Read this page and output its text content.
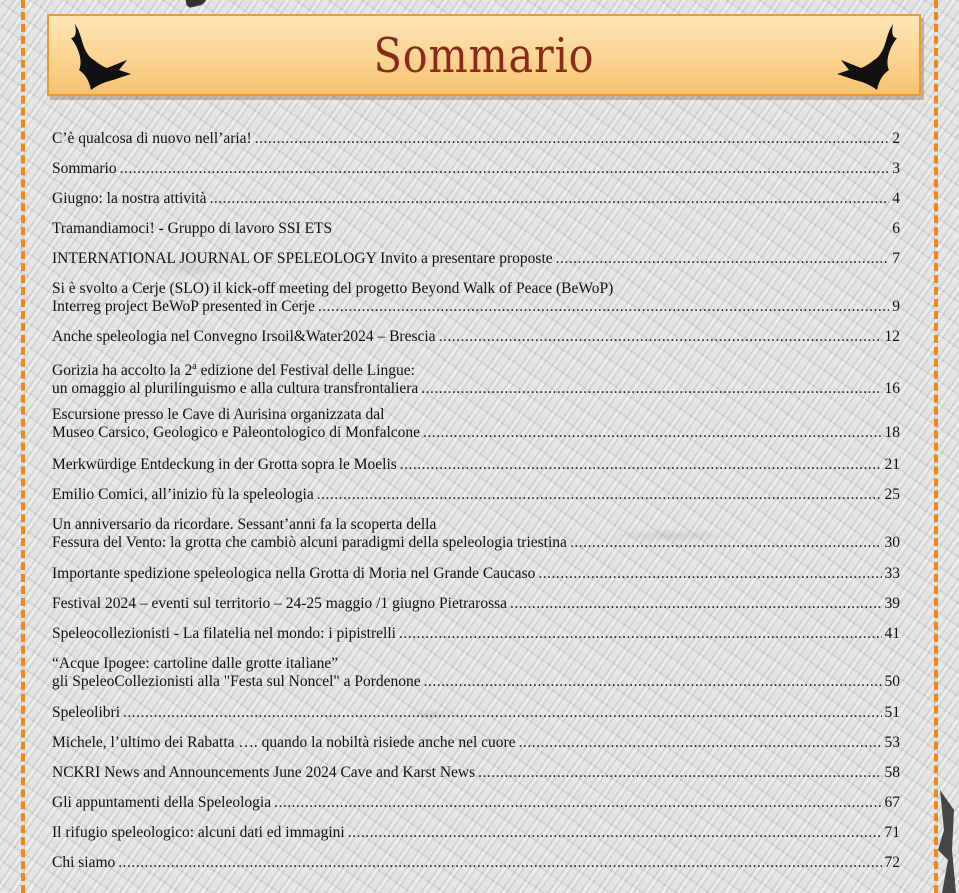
Sommario
C’è qualcosa di nuovo nell’aria! .....	2
Sommario .....	3
Giugno: la nostra attività .....	4
Tramandiamoci! - Gruppo di lavoro SSI ETS	6
INTERNATIONAL JOURNAL OF SPELEOLOGY Invito a presentare proposte .....	7
Si è svolto a Cerje (SLO) il kick-off meeting del progetto Beyond Walk of Peace (BeWoP)
Interreg project BeWoP presented in Cerje .....	9
Anche speleologia nel Convegno Irsoil&Water2024 – Brescia .....	12
Gorizia ha accolto la 2$^a$ edizione del Festival delle Lingue:
un omaggio al plurilinguismo e alla cultura transfrontaliera .....	16
Escursione presso le Cave di Aurisina organizzata dal
Museo Carsico, Geologico e Paleontologico di Monfalcone .....	18
Merkwürdige Entdeckung in der Grotta sopra le Moelis .....	21
Emilio Comici, all’inizio fù la speleologia .....	25
Un anniversario da ricordare. Sessant’anni fa la scoperta della
Fessura del Vento: la grotta che cambiò alcuni paradigmi della speleologia triestina .....	30
Importante spedizione speleologica nella Grotta di Moria nel Grande Caucaso .....	33
Festival 2024 – eventi sul territorio – 24-25 maggio /1 giugno Pietrarossa .....	39
Speleocollezionisti - La filatelia nel mondo: i pipistrelli .....	41
“Acque Ipogee: cartoline dalle grotte italiane”
gli SpeleoCollezionisti alla "Festa sul Noncel" a Pordenone .....	50
Speleolibri .....	51
Michele, l’ultimo dei Rabatta …. quando la nobiltà risiede anche nel cuore .....	53
NCKRI News and Announcements June 2024 Cave and Karst News .....	58
Gli appuntamenti della Speleologia .....	67
Il rifugio speleologico: alcuni dati ed immagini .....	71
Chi siamo .....	72
